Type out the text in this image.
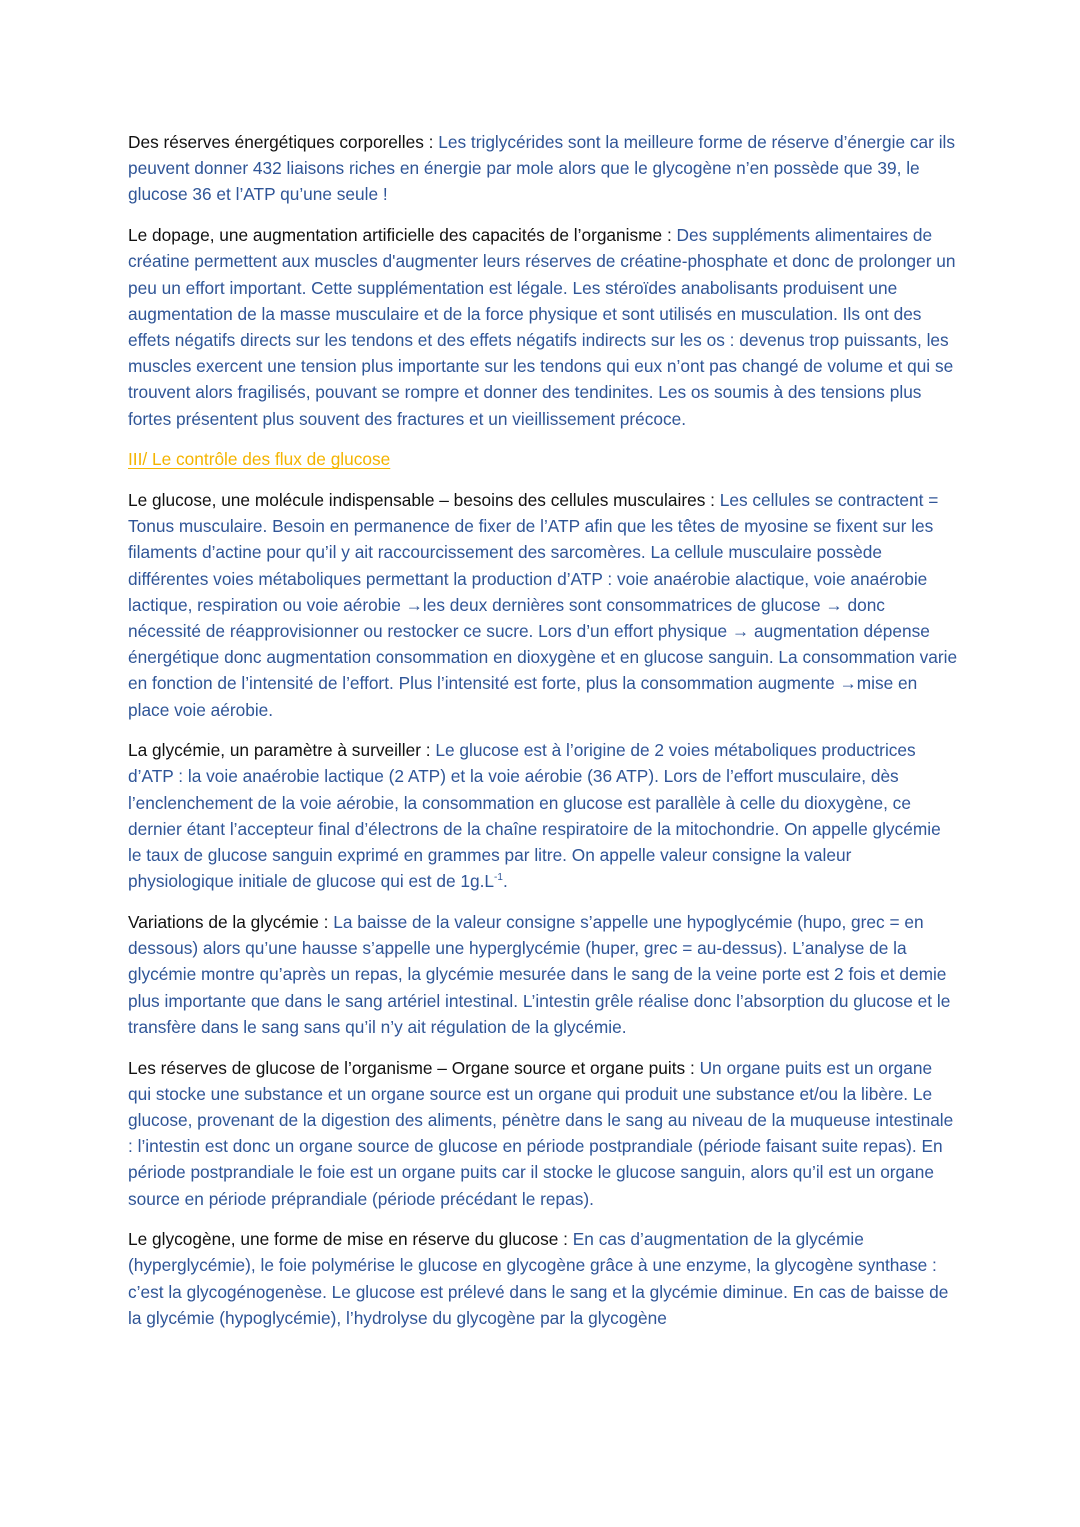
Des réserves énergétiques corporelles : Les triglycérides sont la meilleure forme de réserve d’énergie car ils peuvent donner 432 liaisons riches en énergie par mole alors que le glycogène n’en possède que 39, le glucose 36 et l’ATP qu’une seule !

Le dopage, une augmentation artificielle des capacités de l’organisme : Des suppléments alimentaires de créatine permettent aux muscles d'augmenter leurs réserves de créatine-phosphate et donc de prolonger un peu un effort important. Cette supplémentation est légale. Les stéroïdes anabolisants produisent une augmentation de la masse musculaire et de la force physique et sont utilisés en musculation. Ils ont des effets négatifs directs sur les tendons et des effets négatifs indirects sur les os : devenus trop puissants, les muscles exercent une tension plus importante sur les tendons qui eux n’ont pas changé de volume et qui se trouvent alors fragilisés, pouvant se rompre et donner des tendinites. Les os soumis à des tensions plus fortes présentent plus souvent des fractures et un vieillissement précoce.

III/ Le contrôle des flux de glucose

Le glucose, une molécule indispensable – besoins des cellules musculaires : Les cellules se contractent = Tonus musculaire. Besoin en permanence de fixer de l’ATP afin que les têtes de myosine se fixent sur les filaments d’actine pour qu’il y ait raccourcissement des sarcomères. La cellule musculaire possède différentes voies métaboliques permettant la production d’ATP : voie anaérobie alactique, voie anaérobie lactique, respiration ou voie aérobie →les deux dernières sont consommatrices de glucose → donc nécessité de réapprovisionner ou restocker ce sucre. Lors d’un effort physique → augmentation dépense énergétique donc augmentation consommation en dioxygène et en glucose sanguin. La consommation varie en fonction de l’intensité de l’effort. Plus l’intensité est forte, plus la consommation augmente →mise en place voie aérobie.

La glycémie, un paramètre à surveiller : Le glucose est à l’origine de 2 voies métaboliques productrices d’ATP : la voie anaérobie lactique (2 ATP) et la voie aérobie (36 ATP). Lors de l’effort musculaire, dès l’enclenchement de la voie aérobie, la consommation en glucose est parallèle à celle du dioxygène, ce dernier étant l’accepteur final d’électrons de la chaîne respiratoire de la mitochondrie. On appelle glycémie le taux de glucose sanguin exprimé en grammes par litre. On appelle valeur consigne la valeur physiologique initiale de glucose qui est de $1g.L^{-1}$.

Variations de la glycémie : La baisse de la valeur consigne s’appelle une hypoglycémie (hupo, grec = en dessous) alors qu’une hausse s’appelle une hyperglycémie (huper, grec = au-dessus). L’analyse de la glycémie montre qu’après un repas, la glycémie mesurée dans le sang de la veine porte est 2 fois et demie plus importante que dans le sang artériel intestinal. L’intestin grêle réalise donc l’absorption du glucose et le transfère dans le sang sans qu’il n’y ait régulation de la glycémie.

Les réserves de glucose de l’organisme – Organe source et organe puits : Un organe puits est un organe qui stocke une substance et un organe source est un organe qui produit une substance et/ou la libère. Le glucose, provenant de la digestion des aliments, pénètre dans le sang au niveau de la muqueuse intestinale : l’intestin est donc un organe source de glucose en période postprandiale (période faisant suite repas). En période postprandiale le foie est un organe puits car il stocke le glucose sanguin, alors qu’il est un organe source en période préprandiale (période précédant le repas).

Le glycogène, une forme de mise en réserve du glucose : En cas d’augmentation de la glycémie (hyperglycémie), le foie polymérise le glucose en glycogène grâce à une enzyme, la glycogène synthase : c’est la glycogénogenèse. Le glucose est prélevé dans le sang et la glycémie diminue. En cas de baisse de la glycémie (hypoglycémie), l’hydrolyse du glycogène par la glycogène
